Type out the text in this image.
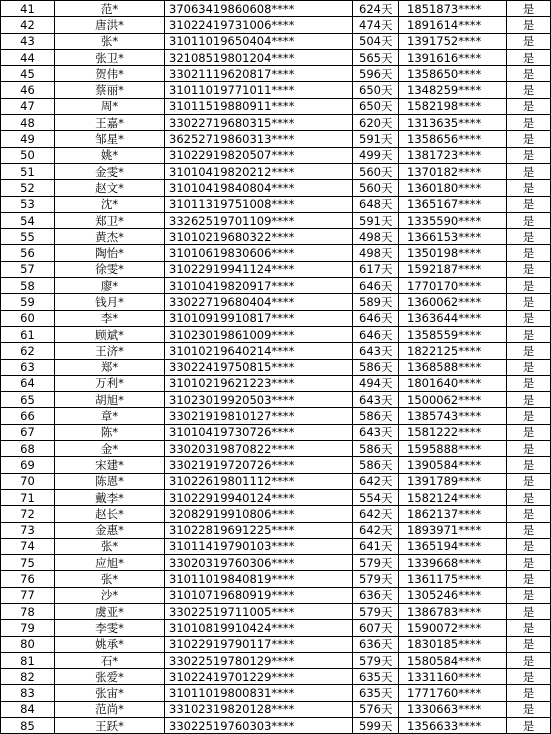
41	范*	37063419860608****	624天	1851873****	是
42	唐洪*	31022419731006****	474天	1891614****	是
43	张*	31011019650404****	504天	1391752****	是
44	张卫*	32108519801204****	565天	1391616****	是
45	贺伟*	33021119620817****	596天	1358650****	是
46	蔡丽*	31011019771011****	650天	1348259****	是
47	周*	31011519880911****	650天	1582198****	是
48	王嘉*	33022719680315****	620天	1313635****	是
49	邹星*	36252719860313****	591天	1358656****	是
50	姚*	31022919820507****	499天	1381723****	是
51	金雯*	31010419820212****	560天	1370182****	是
52	赵文*	31010419840804****	560天	1360180****	是
53	沈*	31011319751008****	648天	1365167****	是
54	郑卫*	33262519701109****	591天	1335590****	是
55	黄杰*	31010219680322****	498天	1366153****	是
56	陶怡*	31010619830606****	498天	1350198****	是
57	徐雯*	31022919941124****	617天	1592187****	是
58	廖*	31010419820917****	646天	1770170****	是
59	钱月*	33022719680404****	589天	1360062****	是
60	李*	31010919910817****	646天	1363644****	是
61	顾斌*	31023019861009****	646天	1358559****	是
62	王济*	31010219640214****	643天	1822125****	是
63	郑*	33022419750815****	586天	1368588****	是
64	万利*	31010219621223****	494天	1801640****	是
65	胡旭*	31023019920503****	643天	1500062****	是
66	章*	33021919810127****	586天	1385743****	是
67	陈*	31010419730726****	643天	1581222****	是
68	金*	33020319870822****	586天	1595888****	是
69	宋建*	33021919720726****	586天	1390584****	是
70	陈恩*	31022619801112****	642天	1391789****	是
71	戴李*	31022919940124****	554天	1582124****	是
72	赵长*	32082919910806****	642天	1862137****	是
73	金惠*	31022819691225****	642天	1893971****	是
74	张*	31011419790103****	641天	1365194****	是
75	应旭*	33020319760306****	579天	1339668****	是
76	张*	31011019840819****	579天	1361175****	是
77	沙*	31010719680919****	636天	1305246****	是
78	虞亚*	33022519711005****	579天	1386783****	是
79	李雯*	31010819910424****	607天	1590072****	是
80	姚承*	31022919790117****	636天	1830185****	是
81	石*	33022519780129****	579天	1580584****	是
82	张爱*	31022419701229****	635天	1331160****	是
83	张宙*	31011019800831****	635天	1771760****	是
84	范尚*	33102319820128****	576天	1330663****	是
85	王跃*	33022519760303****	599天	1356633****	是
